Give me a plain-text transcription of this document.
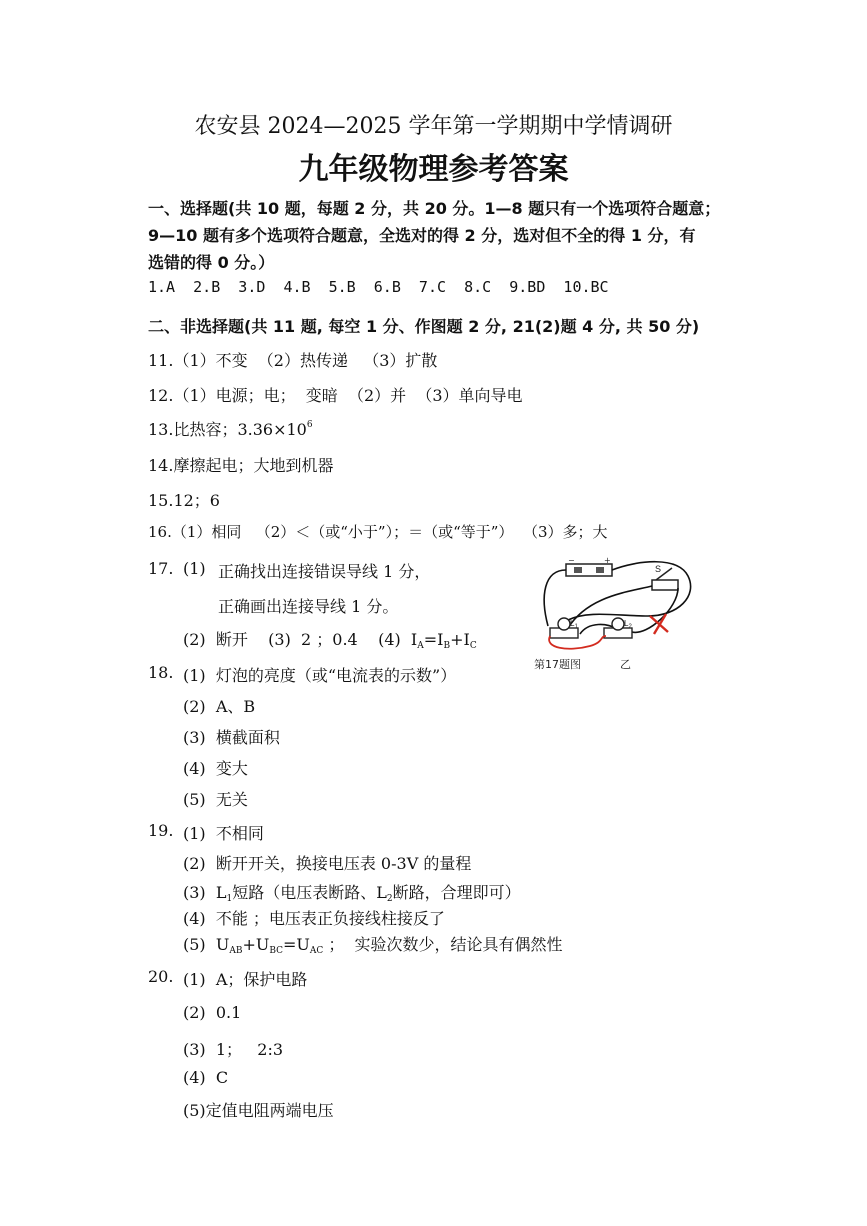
农安县 2024—2025 学年第一学期期中学情调研
九年级物理参考答案
一、选择题(共 10 题，每题 2 分，共 20 分。1—8 题只有一个选项符合题意；
9—10 题有多个选项符合题意，全选对的得 2 分，选对但不全的得 1 分，有
选错的得 0 分。）
1.A  2.B  3.D  4.B  5.B  6.B  7.C  8.C  9.BD  10.BC
二、非选择题(共 11 题, 每空 1 分、作图题 2 分, 21(2)题 4 分, 共 50 分)
11.（1）不变  （2）热传递   （3）扩散
12.（1）电源；电；  变暗  （2）并  （3）单向导电
13.比热容；$3.36\times 10^6$
14.摩擦起电；大地到机器
15.12；6
16.（1）相同   （2）＜（或“小于”）；＝（或“等于”）  （3）多；大
17. (1) 正确找出连接错误导线 1 分，
正确画出连接导线 1 分。
(2)  断开    (3)  2 ；0.4    (4) $I_A=I_B+I_C$
−	+
S
$L_1$	$L_2$
第17题图	乙
18. (1)  灯泡的亮度（或“电流表的示数”）
(2)  A、B
(3)  横截面积
(4)  变大
(5)  无关
19. (1)  不相同
(2)  断开开关，换接电压表 0-3V 的量程
(3)  $L_1$短路（电压表断路、$L_2$断路，合理即可）
(4)  不能 ；电压表正负接线柱接反了
(5)  $U_{AB}+U_{BC}=U_{AC}$ ；  实验次数少，结论具有偶然性
20. (1)  A；保护电路
(2)  0.1
(3)  1；   2:3
(4)  C
(5)定值电阻两端电压
